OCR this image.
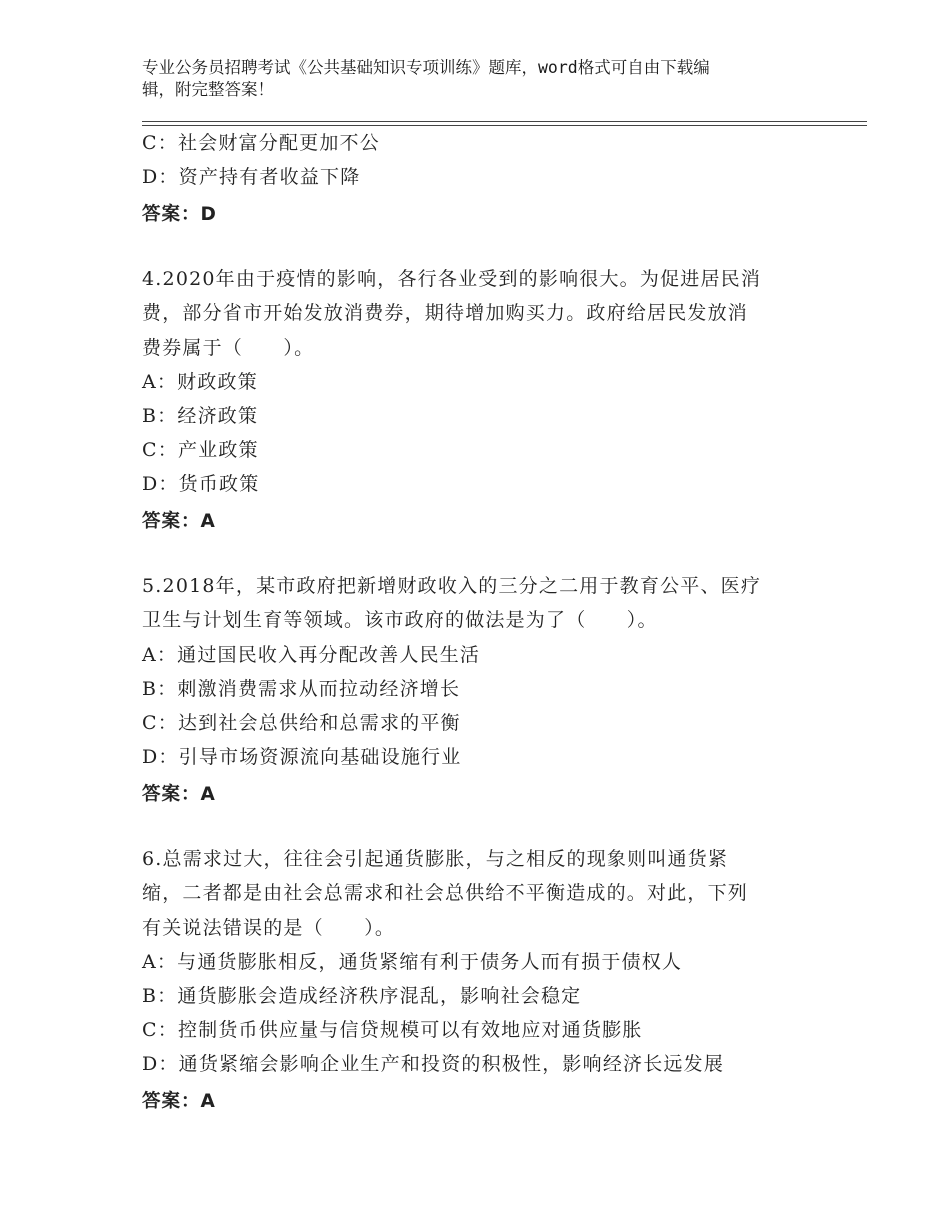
专业公务员招聘考试《公共基础知识专项训练》题库，word格式可自由下载编
辑，附完整答案！
C：社会财富分配更加不公
D：资产持有者收益下降
答案：D
4.2020年由于疫情的影响，各行各业受到的影响很大。为促进居民消
费，部分省市开始发放消费券，期待增加购买力。政府给居民发放消
费券属于（　　）。
A：财政政策
B：经济政策
C：产业政策
D：货币政策
答案：A
5.2018年，某市政府把新增财政收入的三分之二用于教育公平、医疗
卫生与计划生育等领域。该市政府的做法是为了（　　）。
A：通过国民收入再分配改善人民生活
B：刺激消费需求从而拉动经济增长
C：达到社会总供给和总需求的平衡
D：引导市场资源流向基础设施行业
答案：A
6.总需求过大，往往会引起通货膨胀，与之相反的现象则叫通货紧
缩，二者都是由社会总需求和社会总供给不平衡造成的。对此，下列
有关说法错误的是（　　）。
A：与通货膨胀相反，通货紧缩有利于债务人而有损于债权人
B：通货膨胀会造成经济秩序混乱，影响社会稳定
C：控制货币供应量与信贷规模可以有效地应对通货膨胀
D：通货紧缩会影响企业生产和投资的积极性，影响经济长远发展
答案：A
